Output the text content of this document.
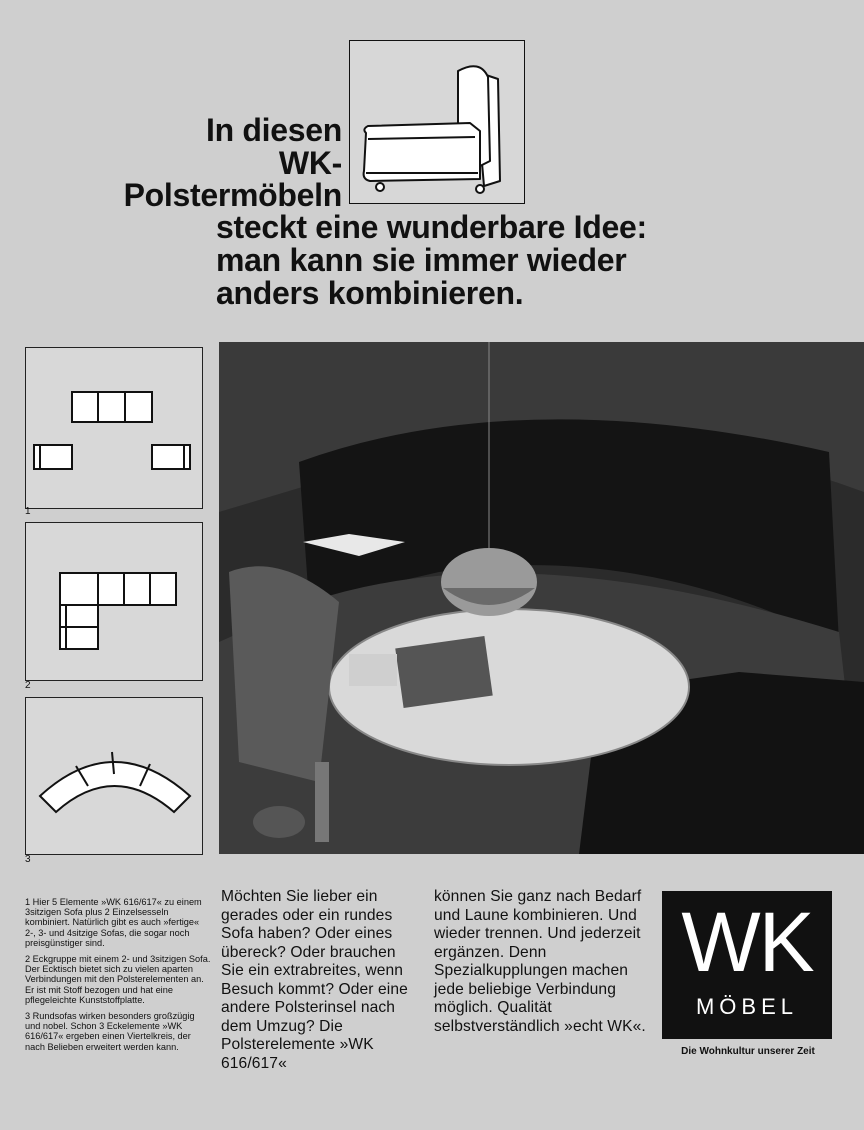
In diesen
WK-
Polstermöbeln
steckt eine wunderbare Idee:
man kann sie immer wieder
anders kombinieren.
1
2
3

1 Hier 5 Elemente »WK 616/617« zu einem 3sitzigen Sofa plus 2 Einzelsesseln kombiniert. Natürlich gibt es auch »fertige« 2-, 3- und 4sitzige Sofas, die sogar noch preisgünstiger sind.

2 Eckgruppe mit einem 2- und 3sitzigen Sofa. Der Ecktisch bietet sich zu vielen aparten Verbindungen mit den Polsterelementen an. Er ist mit Stoff bezogen und hat eine pflegeleichte Kunststoffplatte.

3 Rundsofas wirken besonders großzügig und nobel. Schon 3 Eckelemente »WK 616/617« ergeben einen Viertelkreis, der nach Belieben erweitert werden kann.

Möchten Sie lieber ein gerades oder ein rundes Sofa haben? Oder eines übereck? Oder brauchen Sie ein extrabreites, wenn Besuch kommt? Oder eine andere Polsterinsel nach dem Umzug? Die Polsterelemente »WK 616/617«
können Sie ganz nach Bedarf und Laune kombinieren. Und wieder trennen. Und jederzeit ergänzen. Denn Spezialkupplungen machen jede beliebige Verbindung möglich. Qualität selbstverständlich »echt WK«.
WK
MÖBEL
Die Wohnkultur unserer Zeit
